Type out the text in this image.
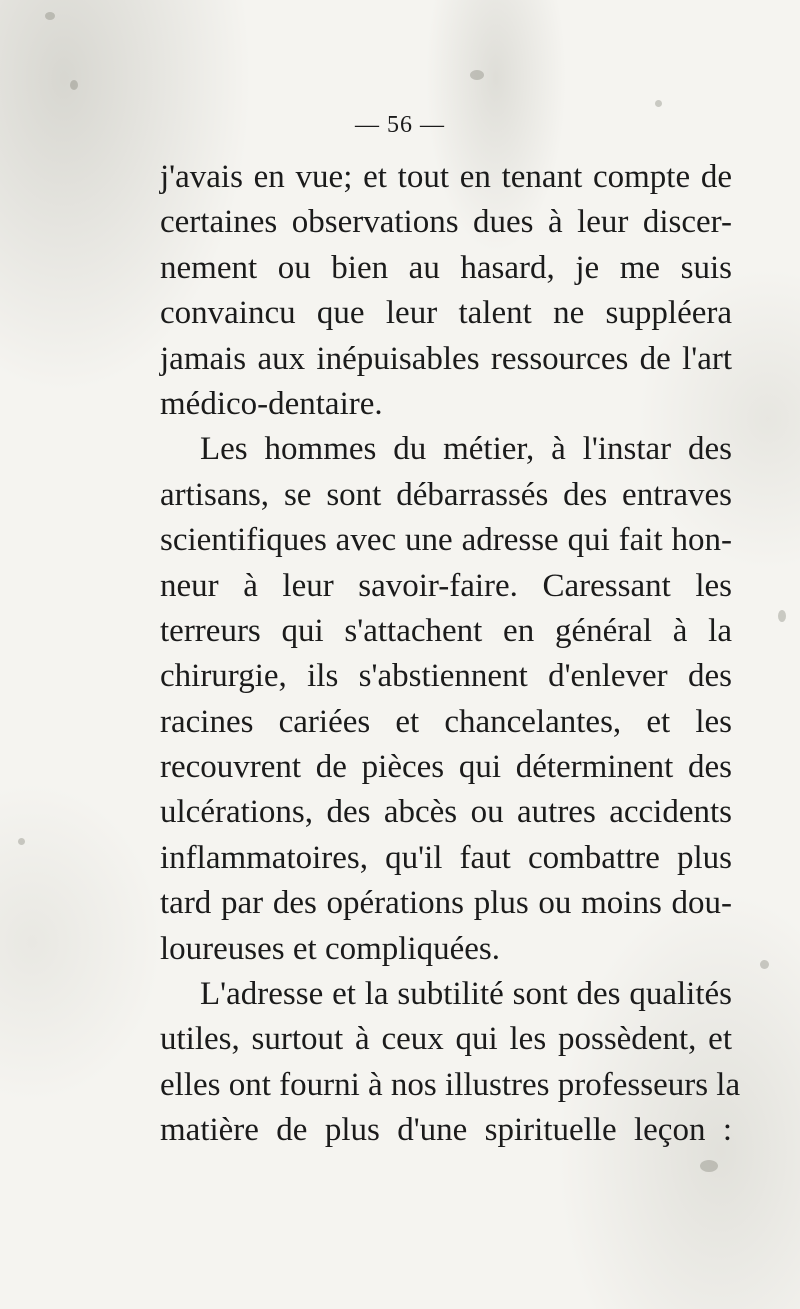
— 56 —
j'avais en vue; et tout en tenant compte de
certaines observations dues à leur discer-
nement ou bien au hasard, je me suis
convaincu que leur talent ne suppléera
jamais aux inépuisables ressources de l'art
médico-dentaire.
Les hommes du métier, à l'instar des
artisans, se sont débarrassés des entraves
scientifiques avec une adresse qui fait hon-
neur à leur savoir-faire. Caressant les
terreurs qui s'attachent en général à la
chirurgie, ils s'abstiennent d'enlever des
racines cariées et chancelantes, et les
recouvrent de pièces qui déterminent des
ulcérations, des abcès ou autres accidents
inflammatoires, qu'il faut combattre plus
tard par des opérations plus ou moins dou-
loureuses et compliquées.
L'adresse et la subtilité sont des qualités
utiles, surtout à ceux qui les possèdent, et
elles ont fourni à nos illustres professeurs la
matière de plus d'une spirituelle leçon :
